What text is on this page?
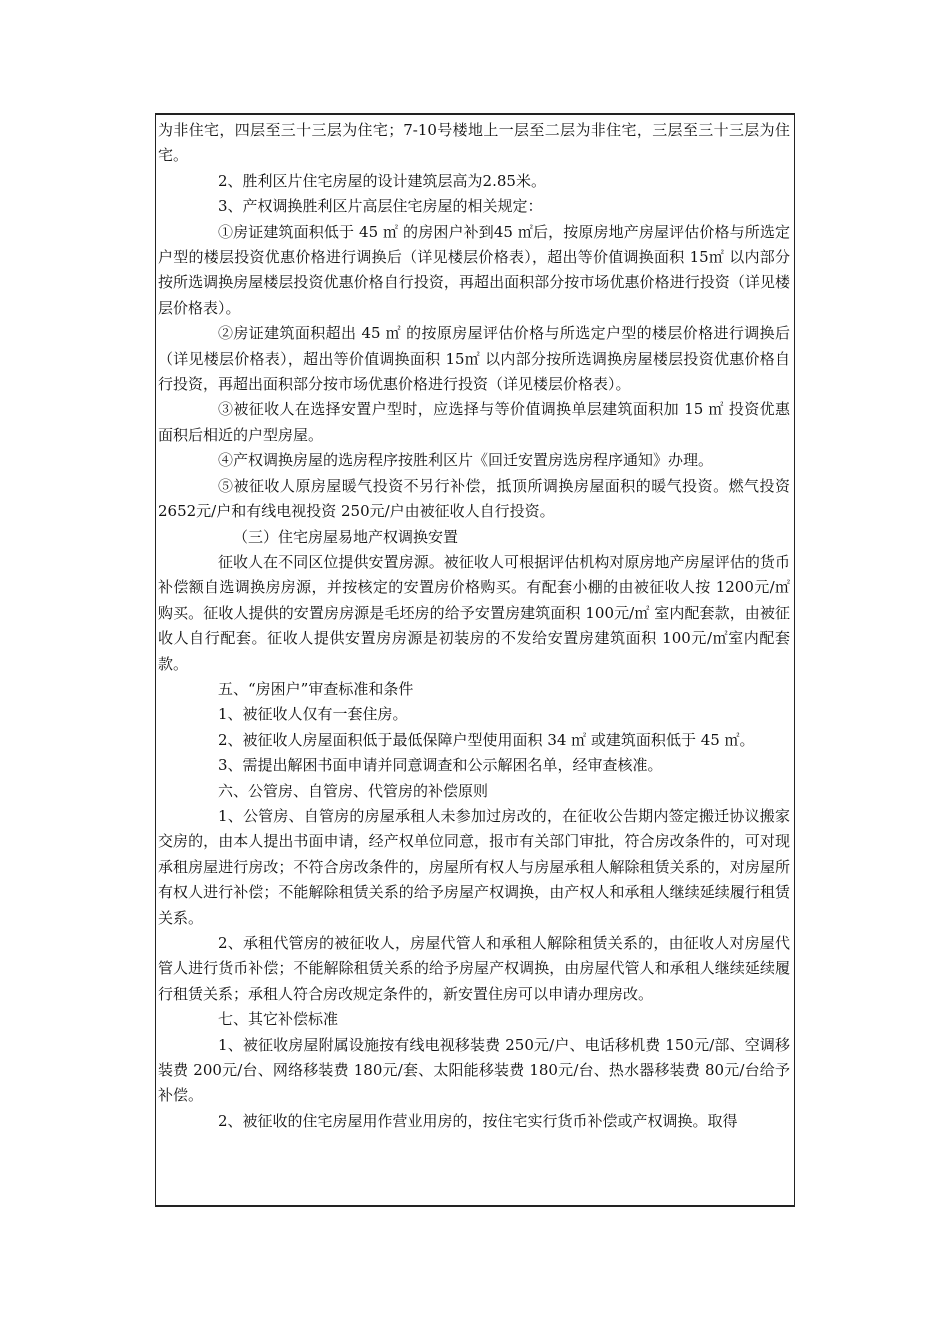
为非住宅，四层至三十三层为住宅；7-10号楼地上一层至二层为非住宅，三层至三十三层为住宅。

2、胜利区片住宅房屋的设计建筑层高为2.85米。

3、产权调换胜利区片高层住宅房屋的相关规定：

①房证建筑面积低于 45 ㎡ 的房困户补到45 ㎡后，按原房地产房屋评估价格与所选定户型的楼层投资优惠价格进行调换后（详见楼层价格表），超出等价值调换面积 15㎡ 以内部分按所选调换房屋楼层投资优惠价格自行投资，再超出面积部分按市场优惠价格进行投资（详见楼层价格表）。

②房证建筑面积超出 45 ㎡ 的按原房屋评估价格与所选定户型的楼层价格进行调换后（详见楼层价格表），超出等价值调换面积 15㎡ 以内部分按所选调换房屋楼层投资优惠价格自行投资，再超出面积部分按市场优惠价格进行投资（详见楼层价格表）。

③被征收人在选择安置户型时，应选择与等价值调换单层建筑面积加 15 ㎡ 投资优惠面积后相近的户型房屋。

④产权调换房屋的选房程序按胜利区片《回迁安置房选房程序通知》办理。

⑤被征收人原房屋暖气投资不另行补偿，抵顶所调换房屋面积的暖气投资。燃气投资 2652元/户和有线电视投资 250元/户由被征收人自行投资。

（三）住宅房屋易地产权调换安置

征收人在不同区位提供安置房源。被征收人可根据评估机构对原房地产房屋评估的货币补偿额自选调换房房源，并按核定的安置房价格购买。有配套小棚的由被征收人按 1200元/㎡ 购买。征收人提供的安置房房源是毛坯房的给予安置房建筑面积 100元/㎡ 室内配套款，由被征收人自行配套。征收人提供安置房房源是初装房的不发给安置房建筑面积 100元/㎡室内配套款。

五、“房困户”审查标准和条件

1、被征收人仅有一套住房。

2、被征收人房屋面积低于最低保障户型使用面积 34 ㎡ 或建筑面积低于 45 ㎡。

3、需提出解困书面申请并同意调查和公示解困名单，经审查核准。

六、公管房、自管房、代管房的补偿原则

1、公管房、自管房的房屋承租人未参加过房改的，在征收公告期内签定搬迁协议搬家交房的，由本人提出书面申请，经产权单位同意，报市有关部门审批，符合房改条件的，可对现承租房屋进行房改；不符合房改条件的，房屋所有权人与房屋承租人解除租赁关系的，对房屋所有权人进行补偿；不能解除租赁关系的给予房屋产权调换，由产权人和承租人继续延续履行租赁关系。

2、承租代管房的被征收人，房屋代管人和承租人解除租赁关系的，由征收人对房屋代管人进行货币补偿；不能解除租赁关系的给予房屋产权调换，由房屋代管人和承租人继续延续履行租赁关系；承租人符合房改规定条件的，新安置住房可以申请办理房改。

七、其它补偿标准

1、被征收房屋附属设施按有线电视移装费 250元/户、电话移机费 150元/部、空调移装费 200元/台、网络移装费 180元/套、太阳能移装费 180元/台、热水器移装费 80元/台给予补偿。

2、被征收的住宅房屋用作营业用房的，按住宅实行货币补偿或产权调换。取得
